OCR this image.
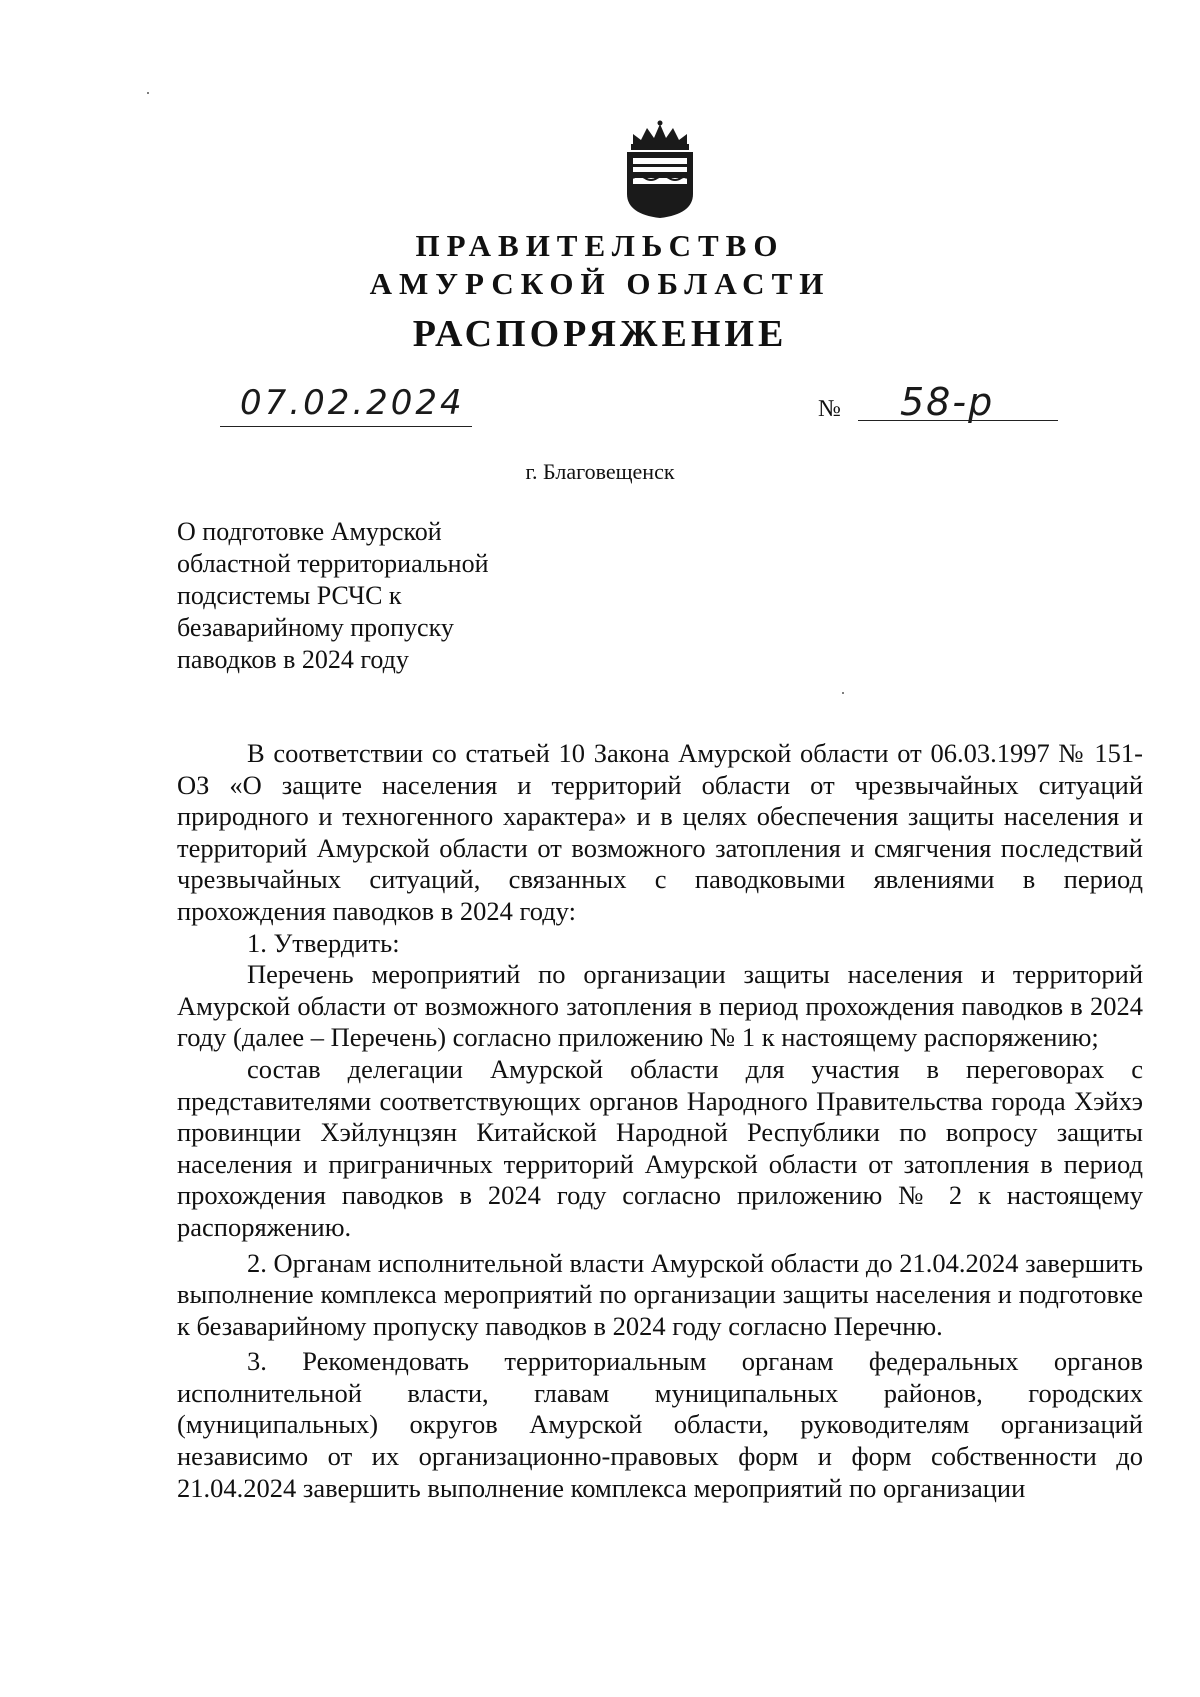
ПРАВИТЕЛЬСТВО
АМУРСКОЙ ОБЛАСТИ
РАСПОРЯЖЕНИЕ
07.02.2024	№ 58-р
г. Благовещенск
О подготовке Амурской
областной территориальной
подсистемы РСЧС к
безаварийному пропуску
паводков в 2024 году

В соответствии со статьей 10 Закона Амурской области от 06.03.1997 № 151-ОЗ «О защите населения и территорий области от чрезвычайных ситуаций природного и техногенного характера» и в целях обеспечения защиты населения и территорий Амурской области от возможного затопления и смягчения последствий чрезвычайных ситуаций, связанных с паводковыми явлениями в период прохождения паводков в 2024 году:

1. Утвердить:

Перечень мероприятий по организации защиты населения и территорий Амурской области от возможного затопления в период прохождения паводков в 2024 году (далее – Перечень) согласно приложению № 1 к настоящему распоряжению;

состав делегации Амурской области для участия в переговорах с представителями соответствующих органов Народного Правительства города Хэйхэ провинции Хэйлунцзян Китайской Народной Республики по вопросу защиты населения и приграничных территорий Амурской области от затопления в период прохождения паводков в 2024 году согласно приложению № 2 к настоящему распоряжению.

2. Органам исполнительной власти Амурской области до 21.04.2024 завершить выполнение комплекса мероприятий по организации защиты населения и подготовке к безаварийному пропуску паводков в 2024 году согласно Перечню.

3. Рекомендовать территориальным органам федеральных органов исполнительной власти, главам муниципальных районов, городских (муниципальных) округов Амурской области, руководителям организаций независимо от их организационно-правовых форм и форм собственности до 21.04.2024 завершить выполнение комплекса мероприятий по организации
